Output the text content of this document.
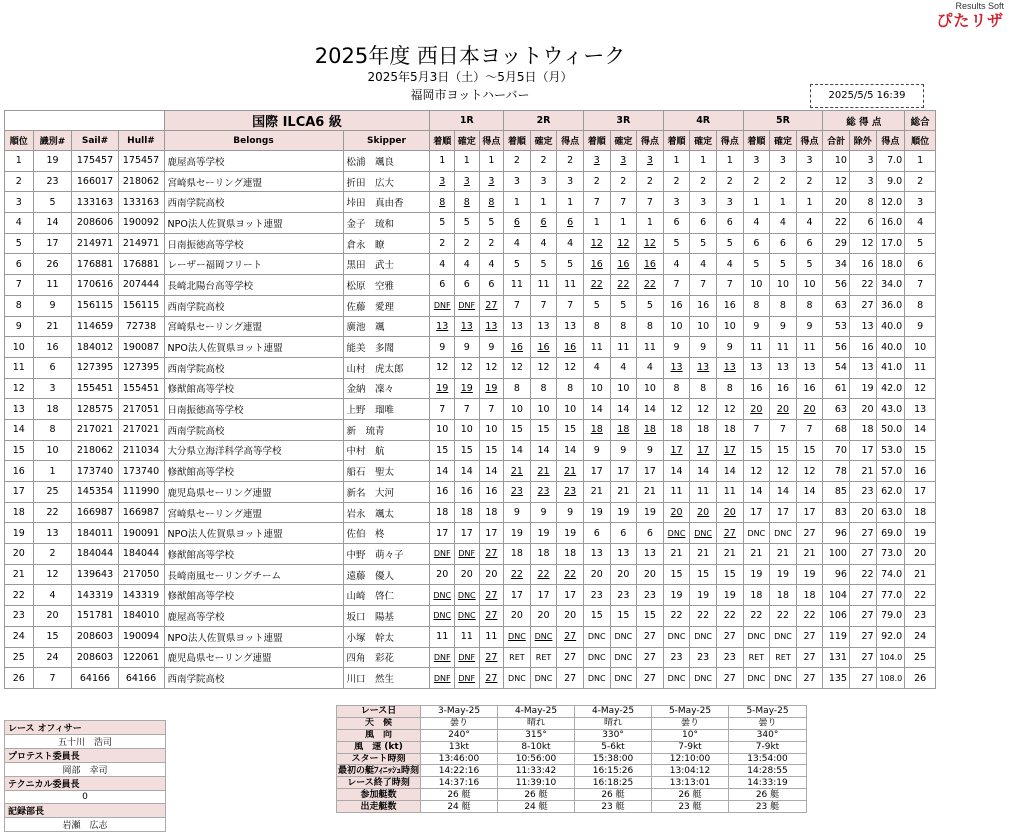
Results Soft
ぴたリザ
2025年度 西日本ヨットウィーク
2025年5月3日（土）～5月5日（月）
福岡市ヨットハーバー	2025/5/5 16:39
				国際 ILCA6 級		1R			2R			3R			4R			5R			総 得 点			総合
順位	識別#	Sail#	Hull#	Belongs	Skipper	着順	確定	得点	着順	確定	得点	着順	確定	得点	着順	確定	得点	着順	確定	得点	合計	除外	得点	順位
1	19	175457	175457	鹿屋高等学校	松浦　颯良	1	1	1	2	2	2	3	3	3	1	1	1	3	3	3	10	3	7.0	1
2	23	166017	218062	宮崎県セーリング連盟	折田　広大	3	3	3	3	3	3	2	2	2	2	2	2	2	2	2	12	3	9.0	2
3	5	133163	133163	西南学院高校	垰田　真由香	8	8	8	1	1	1	7	7	7	3	3	3	1	1	1	20	8	12.0	3
4	14	208606	190092	NPO法人佐賀県ヨット連盟	金子　琉和	5	5	5	6	6	6	1	1	1	6	6	6	4	4	4	22	6	16.0	4
5	17	214971	214971	日南振徳高等学校	倉永　瞭	2	2	2	4	4	4	12	12	12	5	5	5	6	6	6	29	12	17.0	5
6	26	176881	176881	レーザー福岡フリート	黒田　武士	4	4	4	5	5	5	16	16	16	4	4	4	5	5	5	34	16	18.0	6
7	11	170616	207444	長崎北陽台高等学校	松原　空雅	6	6	6	11	11	11	22	22	22	7	7	7	10	10	10	56	22	34.0	7
8	9	156115	156115	西南学院高校	佐藤　愛理	DNF	DNF	27	7	7	7	5	5	5	16	16	16	8	8	8	63	27	36.0	8
9	21	114659	72738	宮崎県セーリング連盟	廣池　颯	13	13	13	13	13	13	8	8	8	10	10	10	9	9	9	53	13	40.0	9
10	16	184012	190087	NPO法人佐賀県ヨット連盟	能美　多聞	9	9	9	16	16	16	11	11	11	9	9	9	11	11	11	56	16	40.0	10
11	6	127395	127395	西南学院高校	山村　虎太郎	12	12	12	12	12	12	4	4	4	13	13	13	13	13	13	54	13	41.0	11
12	3	155451	155451	修猷館高等学校	金納　凜々	19	19	19	8	8	8	10	10	10	8	8	8	16	16	16	61	19	42.0	12
13	18	128575	217051	日南振徳高等学校	上野　瑠唯	7	7	7	10	10	10	14	14	14	12	12	12	20	20	20	63	20	43.0	13
14	8	217021	217021	西南学院高校	新　琉青	10	10	10	15	15	15	18	18	18	18	18	18	7	7	7	68	18	50.0	14
15	10	218062	211034	大分県立海洋科学高等学校	中村　航	15	15	15	14	14	14	9	9	9	17	17	17	15	15	15	70	17	53.0	15
16	1	173740	173740	修猷館高等学校	船石　聖太	14	14	14	21	21	21	17	17	17	14	14	14	12	12	12	78	21	57.0	16
17	25	145354	111990	鹿児島県セーリング連盟	新名　大河	16	16	16	23	23	23	21	21	21	11	11	11	14	14	14	85	23	62.0	17
18	22	166987	166987	宮崎県セーリング連盟	岩永　颯太	18	18	18	9	9	9	19	19	19	20	20	20	17	17	17	83	20	63.0	18
19	13	184011	190091	NPO法人佐賀県ヨット連盟	佐伯　柊	17	17	17	19	19	19	6	6	6	DNC	DNC	27	DNC	DNC	27	96	27	69.0	19
20	2	184044	184044	修猷館高等学校	中野　萌々子	DNF	DNF	27	18	18	18	13	13	13	21	21	21	21	21	21	100	27	73.0	20
21	12	139643	217050	長崎南風セーリングチーム	遠藤　優人	20	20	20	22	22	22	20	20	20	15	15	15	19	19	19	96	22	74.0	21
22	4	143319	143319	修猷館高等学校	山崎　啓仁	DNC	DNC	27	17	17	17	23	23	23	19	19	19	18	18	18	104	27	77.0	22
23	20	151781	184010	鹿屋高等学校	坂口　陽基	DNC	DNC	27	20	20	20	15	15	15	22	22	22	22	22	22	106	27	79.0	23
24	15	208603	190094	NPO法人佐賀県ヨット連盟	小塚　幹太	11	11	11	DNC	DNC	27	DNC	DNC	27	DNC	DNC	27	DNC	DNC	27	119	27	92.0	24
25	24	208603	122061	鹿児島県セーリング連盟	四角　彩花	DNF	DNF	27	RET	RET	27	DNC	DNC	27	23	23	23	RET	RET	27	131	27	104.0	25
26	7	64166	64166	西南学院高校	川口　然生	DNF	DNF	27	DNC	DNC	27	DNC	DNC	27	DNC	DNC	27	DNC	DNC	27	135	27	108.0	26
レース オフィサー
五十川　浩司
プロテスト委員長
岡部　幸司
テクニカル委員長
0
記録部長
岩瀬　広志
レース日	3-May-25	4-May-25	4-May-25	5-May-25	5-May-25
天　候	曇り	晴れ	晴れ	曇り	曇り
風　向	240°	315°	330°	10°	340°
風　速 (kt)	13kt	8-10kt	5-6kt	7-9kt	7-9kt
スタート時刻	13:46:00	10:56:00	15:38:00	12:10:00	13:54:00
最初の艇ﾌｨﾆｯｼｭ時刻	14:22:16	11:33:42	16:15:26	13:04:12	14:28:55
レース終了時刻	14:37:16	11:39:10	16:18:25	13:13:01	14:33:19
参加艇数	26 艇	26 艇	26 艇	26 艇	26 艇
出走艇数	24 艇	24 艇	23 艇	23 艇	23 艇
